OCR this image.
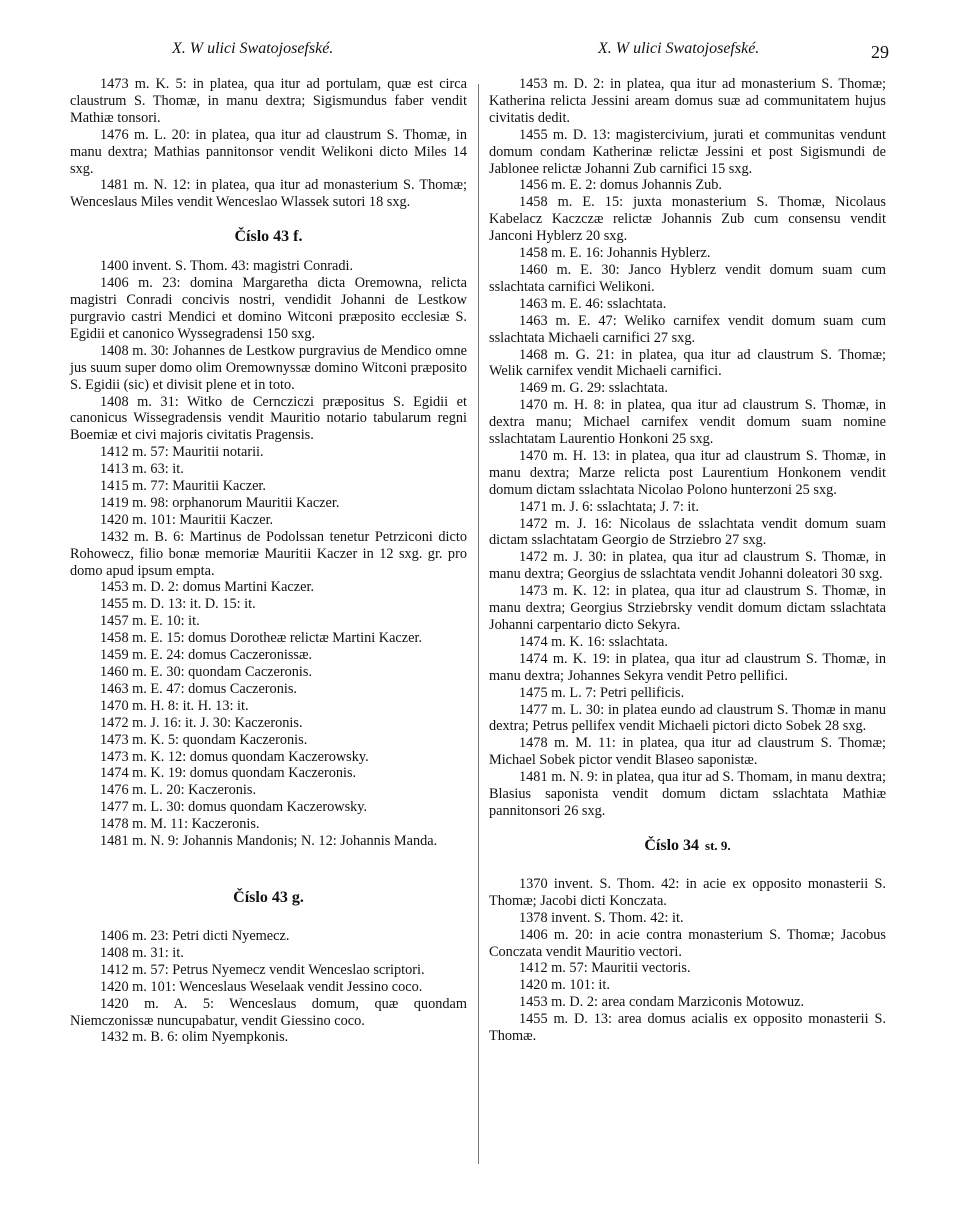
X. W ulici Swatojosefské.	X. W ulici Swatojosefské.	29

1473 m. K. 5: in platea, qua itur ad portulam, quæ est circa claustrum S. Thomæ, in manu dextra; Sigismundus faber vendit Mathiæ tonsori.

1476 m. L. 20: in platea, qua itur ad claustrum S. Thomæ, in manu dextra; Mathias pannitonsor vendit Welikoni dicto Miles 14 sxg.

1481 m. N. 12: in platea, qua itur ad monasterium S. Thomæ; Wenceslaus Miles vendit Wenceslao Wlassek sutori 18 sxg.

Číslo 43 f.

1400 invent. S. Thom. 43: magistri Conradi.

1406 m. 23: domina Margaretha dicta Oremowna, relicta magistri Conradi concivis nostri, vendidit Johanni de Lestkow purgravio castri Mendici et domino Witconi præposito ecclesiæ S. Egidii et canonico Wyssegradensi 150 sxg.

1408 m. 30: Johannes de Lestkow purgravius de Mendico omne jus suum super domo olim Oremownyssæ domino Witconi præposito S. Egidii (sic) et divisit plene et in toto.

1408 m. 31: Witko de Cerncziczi præpositus S. Egidii et canonicus Wissegradensis vendit Mauritio notario tabularum regni Boemiæ et civi majoris civitatis Pragensis.

1412 m. 57: Mauritii notarii.

1413 m. 63: it.

1415 m. 77: Mauritii Kaczer.

1419 m. 98: orphanorum Mauritii Kaczer.

1420 m. 101: Mauritii Kaczer.

1432 m. B. 6: Martinus de Podolssan tenetur Petrziconi dicto Rohowecz, filio bonæ memoriæ Mauritii Kaczer in 12 sxg. gr. pro domo apud ipsum empta.

1453 m. D. 2: domus Martini Kaczer.

1455 m. D. 13: it. D. 15: it.

1457 m. E. 10: it.

1458 m. E. 15: domus Dorotheæ relictæ Martini Kaczer.

1459 m. E. 24: domus Caczeronissæ.

1460 m. E. 30: quondam Caczeronis.

1463 m. E. 47: domus Caczeronis.

1470 m. H. 8: it. H. 13: it.

1472 m. J. 16: it. J. 30: Kaczeronis.

1473 m. K. 5: quondam Kaczeronis.

1473 m. K. 12: domus quondam Kaczerowsky.

1474 m. K. 19: domus quondam Kaczeronis.

1476 m. L. 20: Kaczeronis.

1477 m. L. 30: domus quondam Kaczerowsky.

1478 m. M. 11: Kaczeronis.

1481 m. N. 9: Johannis Mandonis; N. 12: Johannis Manda.

Číslo 43 g.

1406 m. 23: Petri dicti Nyemecz.

1408 m. 31: it.

1412 m. 57: Petrus Nyemecz vendit Wenceslao scriptori.

1420 m. 101: Wenceslaus Weselaak vendit Jessino coco.

1420 m. A. 5: Wenceslaus domum, quæ quondam Niemczonissæ nuncupabatur, vendit Giessino coco.

1432 m. B. 6: olim Nyempkonis.

1453 m. D. 2: in platea, qua itur ad monasterium S. Thomæ; Katherina relicta Jessini aream domus suæ ad communitatem hujus civitatis dedit.

1455 m. D. 13: magistercivium, jurati et communitas vendunt domum condam Katherinæ relictæ Jessini et post Sigismundi de Jablonee relictæ Johanni Zub carnifici 15 sxg.

1456 m. E. 2: domus Johannis Zub.

1458 m. E. 15: juxta monasterium S. Thomæ, Nicolaus Kabelacz Kaczczæ relictæ Johannis Zub cum consensu vendit Janconi Hyblerz 20 sxg.

1458 m. E. 16: Johannis Hyblerz.

1460 m. E. 30: Janco Hyblerz vendit domum suam cum sslachtata carnifici Welikoni.

1463 m. E. 46: sslachtata.

1463 m. E. 47: Weliko carnifex vendit domum suam cum sslachtata Michaeli carnifici 27 sxg.

1468 m. G. 21: in platea, qua itur ad claustrum S. Thomæ; Welik carnifex vendit Michaeli carnifici.

1469 m. G. 29: sslachtata.

1470 m. H. 8: in platea, qua itur ad claustrum S. Thomæ, in dextra manu; Michael carnifex vendit domum suam nomine sslachtatam Laurentio Honkoni 25 sxg.

1470 m. H. 13: in platea, qua itur ad claustrum S. Thomæ, in manu dextra; Marze relicta post Laurentium Honkonem vendit domum dictam sslachtata Nicolao Polono hunterzoni 25 sxg.

1471 m. J. 6: sslachtata; J. 7: it.

1472 m. J. 16: Nicolaus de sslachtata vendit domum suam dictam sslachtatam Georgio de Strziebro 27 sxg.

1472 m. J. 30: in platea, qua itur ad claustrum S. Thomæ, in manu dextra; Georgius de sslachtata vendit Johanni doleatori 30 sxg.

1473 m. K. 12: in platea, qua itur ad claustrum S. Thomæ, in manu dextra; Georgius Strziebrsky vendit domum dictam sslachtata Johanni carpentario dicto Sekyra.

1474 m. K. 16: sslachtata.

1474 m. K. 19: in platea, qua itur ad claustrum S. Thomæ, in manu dextra; Johannes Sekyra vendit Petro pellifici.

1475 m. L. 7: Petri pellificis.

1477 m. L. 30: in platea eundo ad claustrum S. Thomæ in manu dextra; Petrus pellifex vendit Michaeli pictori dicto Sobek 28 sxg.

1478 m. M. 11: in platea, qua itur ad claustrum S. Thomæ; Michael Sobek pictor vendit Blaseo saponistæ.

1481 m. N. 9: in platea, qua itur ad S. Thomam, in manu dextra; Blasius saponista vendit domum dictam sslachtata Mathiæ pannitonsori 26 sxg.

Číslo 34 st. 9.

1370 invent. S. Thom. 42: in acie ex opposito monasterii S. Thomæ; Jacobi dicti Konczata.

1378 invent. S. Thom. 42: it.

1406 m. 20: in acie contra monasterium S. Thomæ; Jacobus Conczata vendit Mauritio vectori.

1412 m. 57: Mauritii vectoris.

1420 m. 101: it.

1453 m. D. 2: area condam Marziconis Motowuz.

1455 m. D. 13: area domus acialis ex opposito monasterii S. Thomæ.
